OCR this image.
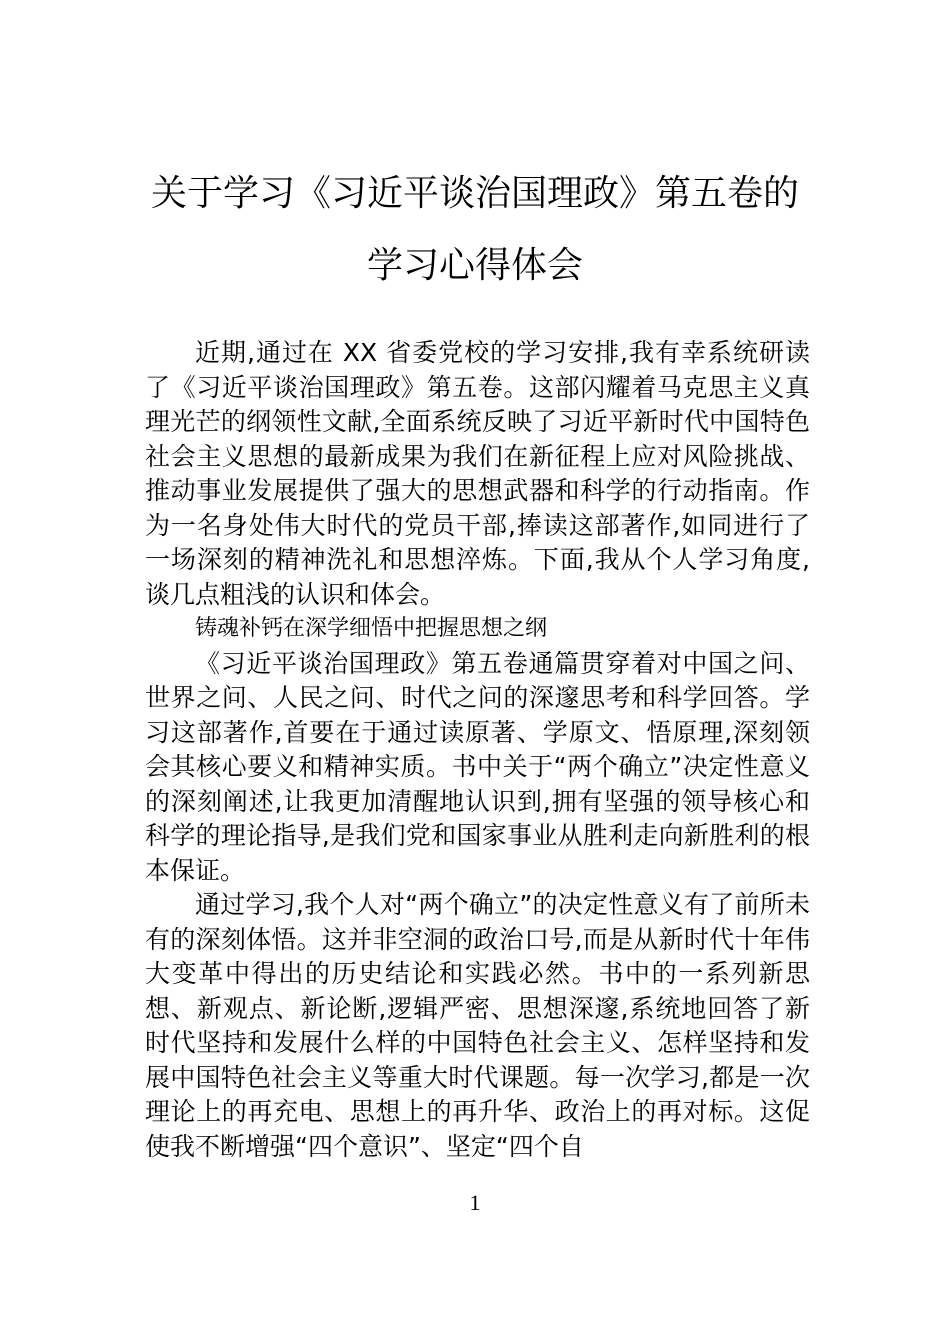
关于学习《习近平谈治国理政》第五卷的
学习心得体会

近期,通过在 XX 省委党校的学习安排,我有幸系统研读了《习近平谈治国理政》第五卷。这部闪耀着马克思主义真理光芒的纲领性文献,全面系统反映了习近平新时代中国特色社会主义思想的最新成果为我们在新征程上应对风险挑战、推动事业发展提供了强大的思想武器和科学的行动指南。作为一名身处伟大时代的党员干部,捧读这部著作,如同进行了一场深刻的精神洗礼和思想淬炼。下面,我从个人学习角度,谈几点粗浅的认识和体会。

铸魂补钙在深学细悟中把握思想之纲

《习近平谈治国理政》第五卷通篇贯穿着对中国之问、世界之问、人民之问、时代之问的深邃思考和科学回答。学习这部著作,首要在于通过读原著、学原文、悟原理,深刻领会其核心要义和精神实质。书中关于“两个确立”决定性意义的深刻阐述,让我更加清醒地认识到,拥有坚强的领导核心和科学的理论指导,是我们党和国家事业从胜利走向新胜利的根本保证。

通过学习,我个人对“两个确立”的决定性意义有了前所未有的深刻体悟。这并非空洞的政治口号,而是从新时代十年伟大变革中得出的历史结论和实践必然。书中的一系列新思想、新观点、新论断,逻辑严密、思想深邃,系统地回答了新时代坚持和发展什么样的中国特色社会主义、怎样坚持和发展中国特色社会主义等重大时代课题。每一次学习,都是一次理论上的再充电、思想上的再升华、政治上的再对标。这促使我不断增强“四个意识”、坚定“四个自

1
